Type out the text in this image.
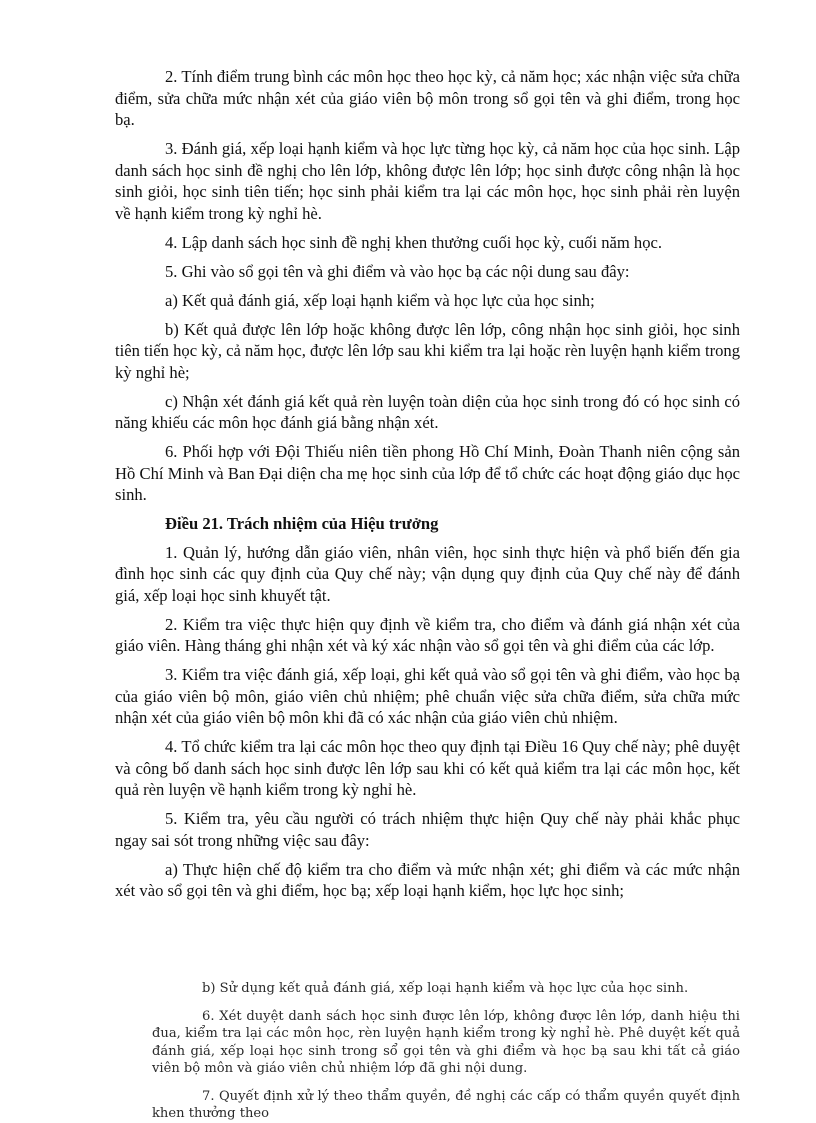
2. Tính điểm trung bình các môn học theo học kỳ, cả năm học; xác nhận việc sửa chữa điểm, sửa chữa mức nhận xét của giáo viên bộ môn trong sổ gọi tên và ghi điểm, trong học bạ.

3. Đánh giá, xếp loại hạnh kiểm và học lực từng học kỳ, cả năm học của học sinh. Lập danh sách học sinh đề nghị cho lên lớp, không được lên lớp; học sinh được công nhận là học sinh giỏi, học sinh tiên tiến; học sinh phải kiểm tra lại các môn học, học sinh phải rèn luyện về hạnh kiểm trong kỳ nghỉ hè.

4. Lập danh sách học sinh đề nghị khen thưởng cuối học kỳ, cuối năm học.

5. Ghi vào sổ gọi tên và ghi điểm và vào học bạ các nội dung sau đây:

a) Kết quả đánh giá, xếp loại hạnh kiểm và học lực của học sinh;

b) Kết quả được lên lớp hoặc không được lên lớp, công nhận học sinh giỏi, học sinh tiên tiến học kỳ, cả năm học, được lên lớp sau khi kiểm tra lại hoặc rèn luyện hạnh kiểm trong kỳ nghỉ hè;

c) Nhận xét đánh giá kết quả rèn luyện toàn diện của học sinh trong đó có học sinh có năng khiếu các môn học đánh giá bằng nhận xét.

6. Phối hợp với Đội Thiếu niên tiền phong Hồ Chí Minh, Đoàn Thanh niên cộng sản Hồ Chí Minh và Ban Đại diện cha mẹ học sinh của lớp để tổ chức các hoạt động giáo dục học sinh.

Điều 21. Trách nhiệm của Hiệu trưởng

1. Quản lý, hướng dẫn giáo viên, nhân viên, học sinh thực hiện và phổ biến đến gia đình học sinh các quy định của Quy chế này; vận dụng quy định của Quy chế này để đánh giá, xếp loại học sinh khuyết tật.

2. Kiểm tra việc thực hiện quy định về kiểm tra, cho điểm và đánh giá nhận xét của giáo viên. Hàng tháng ghi nhận xét và ký xác nhận vào sổ gọi tên và ghi điểm của các lớp.

3. Kiểm tra việc đánh giá, xếp loại, ghi kết quả vào sổ gọi tên và ghi điểm, vào học bạ của giáo viên bộ môn, giáo viên chủ nhiệm; phê chuẩn việc sửa chữa điểm, sửa chữa mức nhận xét của giáo viên bộ môn khi đã có xác nhận của giáo viên chủ nhiệm.

4. Tổ chức kiểm tra lại các môn học theo quy định tại Điều 16 Quy chế này; phê duyệt và công bố danh sách học sinh được lên lớp sau khi có kết quả kiểm tra lại các môn học, kết quả rèn luyện về hạnh kiểm trong kỳ nghỉ hè.

5. Kiểm tra, yêu cầu người có trách nhiệm thực hiện Quy chế này phải khắc phục ngay sai sót trong những việc sau đây:

a) Thực hiện chế độ kiểm tra cho điểm và mức nhận xét; ghi điểm và các mức nhận xét vào sổ gọi tên và ghi điểm, học bạ; xếp loại hạnh kiểm, học lực học sinh;

b) Sử dụng kết quả đánh giá, xếp loại hạnh kiểm và học lực của học sinh.

6. Xét duyệt danh sách học sinh được lên lớp, không được lên lớp, danh hiệu thi đua, kiểm tra lại các môn học, rèn luyện hạnh kiểm trong kỳ nghỉ hè. Phê duyệt kết quả đánh giá, xếp loại học sinh trong sổ gọi tên và ghi điểm và học bạ sau khi tất cả giáo viên bộ môn và giáo viên chủ nhiệm lớp đã ghi nội dung.

7. Quyết định xử lý theo thẩm quyền, đề nghị các cấp có thẩm quyền quyết định khen thưởng theo
